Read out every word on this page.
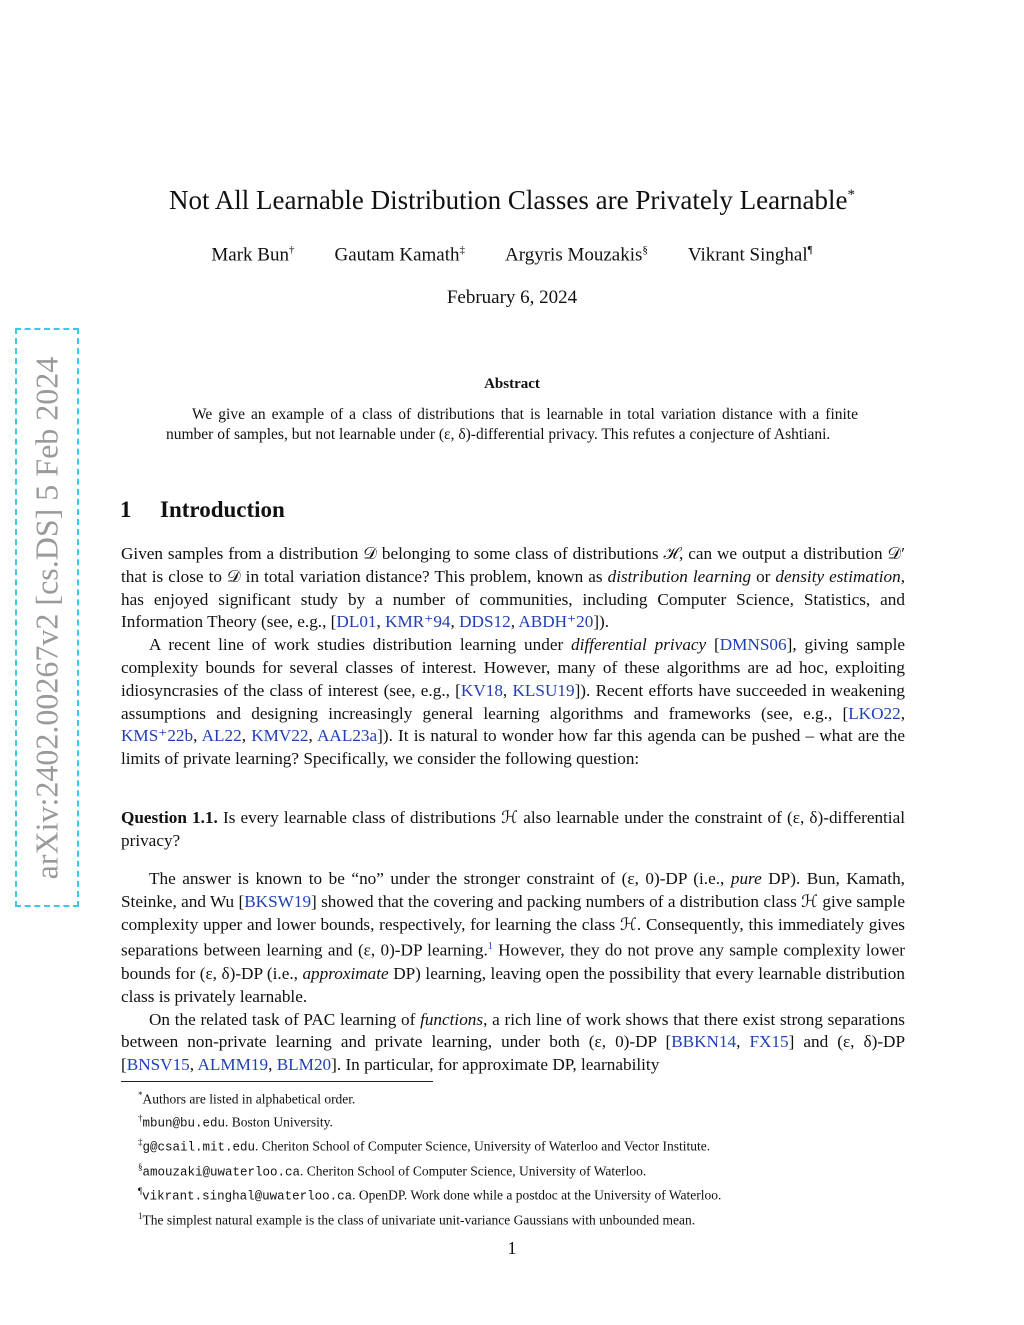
Not All Learnable Distribution Classes are Privately Learnable*
Mark Bun† Gautam Kamath‡ Argyris Mouzakis§ Vikrant Singhal¶
February 6, 2024
arXiv:2402.00267v2 [cs.DS] 5 Feb 2024	Abstract

We give an example of a class of distributions that is learnable in total variation distance with a finite number of samples, but not learnable under (ε, δ)-differential privacy. This refutes a conjecture of Ashtiani.

1 Introduction

Given samples from a distribution 𝒟 belonging to some class of distributions ℋ, can we output a distribution 𝒟′ that is close to 𝒟 in total variation distance? This problem, known as distribution learning or density estimation, has enjoyed significant study by a number of communities, including Computer Science, Statistics, and Information Theory (see, e.g., [DL01, KMR⁺94, DDS12, ABDH⁺20]).

A recent line of work studies distribution learning under differential privacy [DMNS06], giving sample complexity bounds for several classes of interest. However, many of these algorithms are ad hoc, exploiting idiosyncrasies of the class of interest (see, e.g., [KV18, KLSU19]). Recent efforts have succeeded in weakening assumptions and designing increasingly general learning algorithms and frameworks (see, e.g., [LKO22, KMS⁺22b, AL22, KMV22, AAL23a]). It is natural to wonder how far this agenda can be pushed – what are the limits of private learning? Specifically, we consider the following question:

Question 1.1. Is every learnable class of distributions ℋ also learnable under the constraint of (ε, δ)-differential privacy?

The answer is known to be “no” under the stronger constraint of (ε, 0)-DP (i.e., pure DP). Bun, Kamath, Steinke, and Wu [BKSW19] showed that the covering and packing numbers of a distribution class ℋ give sample complexity upper and lower bounds, respectively, for learning the class ℋ. Consequently, this immediately gives separations between learning and (ε, 0)-DP learning.$^1$ However, they do not prove any sample complexity lower bounds for (ε, δ)-DP (i.e., approximate DP) learning, leaving open the possibility that every learnable distribution class is privately learnable.

On the related task of PAC learning of functions, a rich line of work shows that there exist strong separations between non-private learning and private learning, under both (ε, 0)-DP [BBKN14, FX15] and (ε, δ)-DP [BNSV15, ALMM19, BLM20]. In particular, for approximate DP, learnability

*Authors are listed in alphabetical order.
†mbun@bu.edu. Boston University.
‡g@csail.mit.edu. Cheriton School of Computer Science, University of Waterloo and Vector Institute.
§amouzaki@uwaterloo.ca. Cheriton School of Computer Science, University of Waterloo.
¶vikrant.singhal@uwaterloo.ca. OpenDP. Work done while a postdoc at the University of Waterloo.
$^1$The simplest natural example is the class of univariate unit-variance Gaussians with unbounded mean.
1
